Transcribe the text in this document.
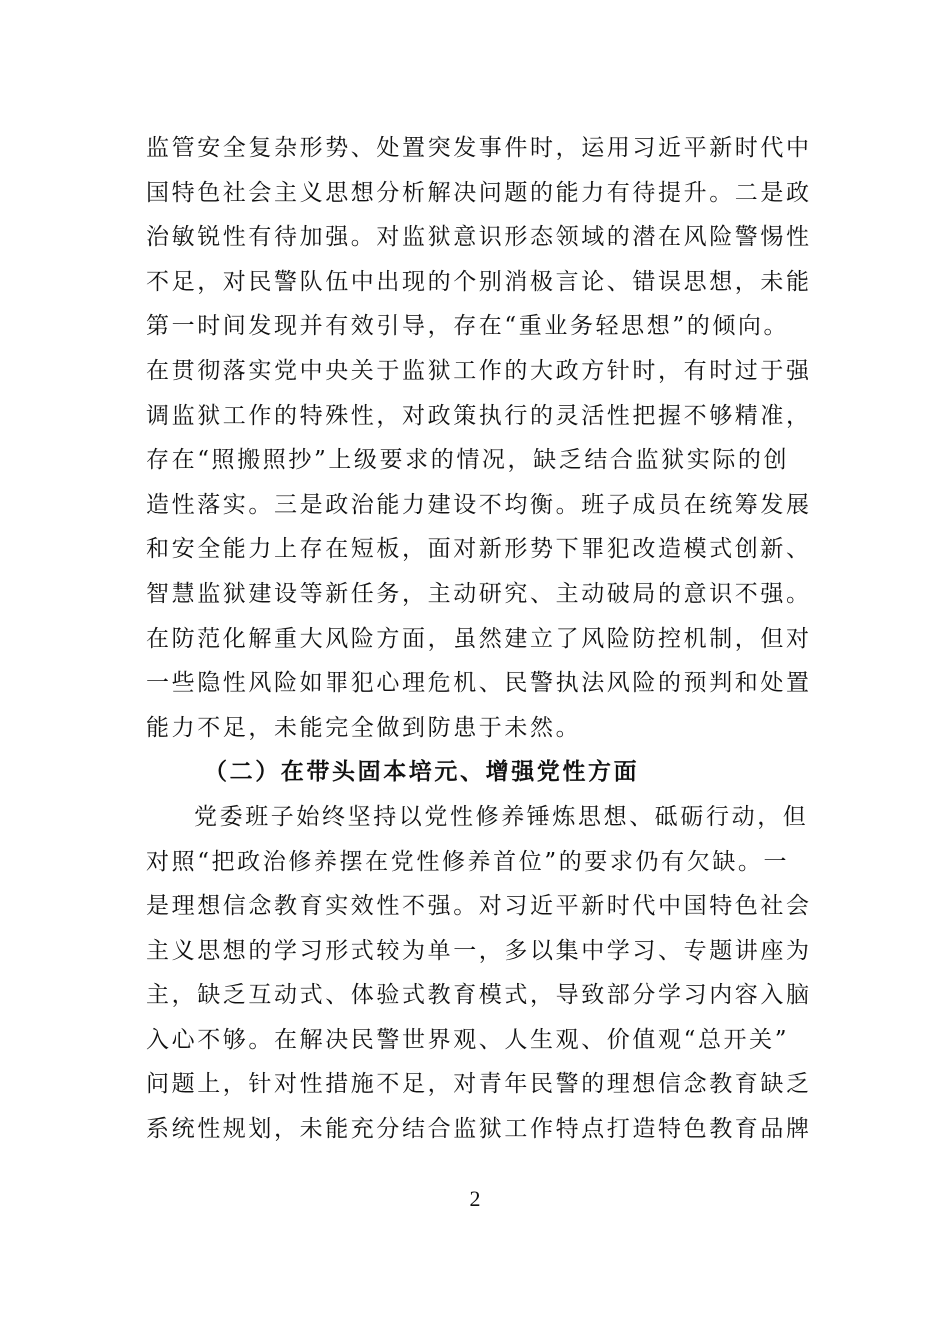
监管安全复杂形势、处置突发事件时，运用习近平新时代中
国特色社会主义思想分析解决问题的能力有待提升。二是政
治敏锐性有待加强。对监狱意识形态领域的潜在风险警惕性
不足，对民警队伍中出现的个别消极言论、错误思想，未能
第一时间发现并有效引导，存在“重业务轻思想”的倾向。
在贯彻落实党中央关于监狱工作的大政方针时，有时过于强
调监狱工作的特殊性，对政策执行的灵活性把握不够精准，
存在“照搬照抄”上级要求的情况，缺乏结合监狱实际的创
造性落实。三是政治能力建设不均衡。班子成员在统筹发展
和安全能力上存在短板，面对新形势下罪犯改造模式创新、
智慧监狱建设等新任务，主动研究、主动破局的意识不强。
在防范化解重大风险方面，虽然建立了风险防控机制，但对
一些隐性风险如罪犯心理危机、民警执法风险的预判和处置
能力不足，未能完全做到防患于未然。
（二）在带头固本培元、增强党性方面
党委班子始终坚持以党性修养锤炼思想、砥砺行动，但
对照“把政治修养摆在党性修养首位”的要求仍有欠缺。一
是理想信念教育实效性不强。对习近平新时代中国特色社会
主义思想的学习形式较为单一，多以集中学习、专题讲座为
主，缺乏互动式、体验式教育模式，导致部分学习内容入脑
入心不够。在解决民警世界观、人生观、价值观“总开关”
问题上，针对性措施不足，对青年民警的理想信念教育缺乏
系统性规划，未能充分结合监狱工作特点打造特色教育品牌
2
